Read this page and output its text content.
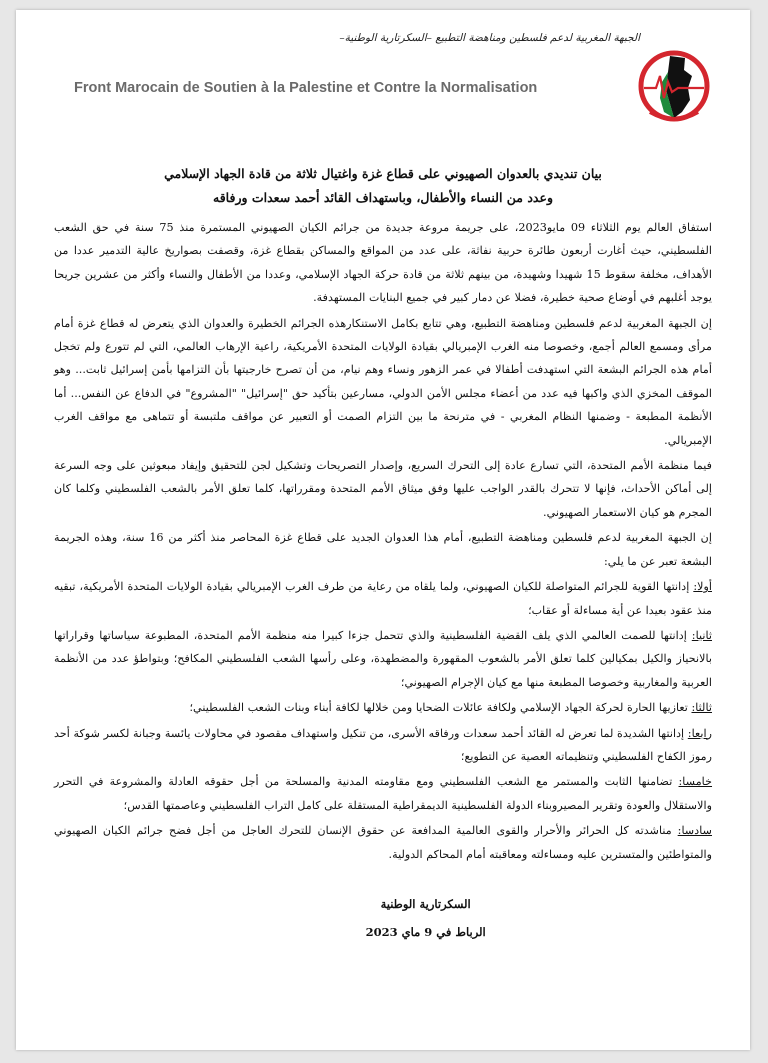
الجبهة المغربية لدعم فلسطين ومناهضة التطبيع –السكرتارية الوطنية–
Front Marocain de Soutien à la Palestine et Contre la Normalisation
بيان تنديدي بالعدوان الصهيوني على قطاع غزة واغتيال ثلاثة من قادة الجهاد الإسلامي
وعدد من النساء والأطفال، وباستهداف القائد أحمد سعدات ورفاقه

استفاق العالم يوم الثلاثاء 09 مايو2023، على جريمة مروعة جديدة من جرائم الكيان الصهيوني المستمرة منذ 75 سنة في حق الشعب الفلسطيني، حيث أغارت أربعون طائرة حربية نفاثة، على عدد من المواقع والمساكن بقطاع غزة، وقصفت بصواريخ عالية التدمير عددا من الأهداف، مخلفة سقوط 15 شهيدا وشهيدة، من بينهم ثلاثة من قادة حركة الجهاد الإسلامي، وعددا من الأطفال والنساء وأكثر من عشرين جريحا يوجد أغلبهم في أوضاع صحية خطيرة، فضلا عن دمار كبير في جميع البنايات المستهدفة.

إن الجبهة المغربية لدعم فلسطين ومناهضة التطبيع، وهي تتابع بكامل الاستنكارهذه الجرائم الخطيرة والعدوان الذي يتعرض له قطاع غزة أمام مرأى ومسمع العالم أجمع، وخصوصا منه الغرب الإمبريالي بقيادة الولايات المتحدة الأمريكية، راعية الإرهاب العالمي، التي لم تتورع ولم تخجل أمام هذه الجرائم البشعة التي استهدفت أطفالا في عمر الزهور ونساء وهم نيام، من أن تصرح خارجيتها بأن التزامها بأمن إسرائيل ثابت... وهو الموقف المخزي الذي واكبها فيه عدد من أعضاء مجلس الأمن الدولي، مسارعين بتأكيد حق "إسرائيل" "المشروع" في الدفاع عن النفس... أما الأنظمة المطبعة - وضمنها النظام المغربي - في مترنحة ما بين التزام الصمت أو التعبير عن مواقف ملتبسة أو تتماهى مع مواقف الغرب الإمبريالي.

فيما منظمة الأمم المتحدة، التي تسارع عادة إلى التحرك السريع، وإصدار التصريحات وتشكيل لجن للتحقيق وإيفاد مبعوثين على وجه السرعة إلى أماكن الأحداث، فإنها لا تتحرك بالقدر الواجب عليها وفق ميثاق الأمم المتحدة ومقرراتها، كلما تعلق الأمر بالشعب الفلسطيني وكلما كان المجرم هو كيان الاستعمار الصهيوني.

إن الجبهة المغربية لدعم فلسطين ومناهضة التطبيع، أمام هذا العدوان الجديد على قطاع غزة المحاصر منذ أكثر من 16 سنة، وهذه الجريمة البشعة تعبر عن ما يلي:

أولا: إدانتها القوية للجرائم المتواصلة للكيان الصهيوني، ولما يلقاه من رعاية من طرف الغرب الإمبريالي بقيادة الولايات المتحدة الأمريكية، تبقيه منذ عقود بعيدا عن أية مساءلة أو عقاب؛

ثانيا: إدانتها للصمت العالمي الذي يلف القضية الفلسطينية والذي تتحمل جزءا كبيرا منه منظمة الأمم المتحدة، المطبوعة سياساتها وقراراتها بالانحياز والكيل بمكيالين كلما تعلق الأمر بالشعوب المقهورة والمضطهدة، وعلى رأسها الشعب الفلسطيني المكافح؛ وبتواطؤ عدد من الأنظمة العربية والمغاربية وخصوصا المطبعة منها مع كيان الإجرام الصهيوني؛

ثالثا: تعازيها الحارة لحركة الجهاد الإسلامي ولكافة عائلات الضحايا ومن خلالها لكافة أبناء وبنات الشعب الفلسطيني؛

رابعا: إدانتها الشديدة لما تعرض له القائد أحمد سعدات ورفاقه الأسرى، من تنكيل واستهداف مقصود في محاولات يائسة وجبانة لكسر شوكة أحد رموز الكفاح الفلسطيني وتنظيماته العصية عن التطويع؛

خامسا: تضامنها الثابت والمستمر مع الشعب الفلسطيني ومع مقاومته المدنية والمسلحة من أجل حقوقه العادلة والمشروعة في التحرر والاستقلال والعودة وتقرير المصيروبناء الدولة الفلسطينية الديمقراطية المستقلة على كامل التراب الفلسطيني وعاصمتها القدس؛

سادسا: مناشدته كل الحرائر والأحرار والقوى العالمية المدافعة عن حقوق الإنسان للتحرك العاجل من أجل فضح جرائم الكيان الصهيوني والمتواطئين والمتسترين عليه ومساءلته ومعاقبته أمام المحاكم الدولية.

السكرتارية الوطنية
الرباط في 9 ماي 2023
